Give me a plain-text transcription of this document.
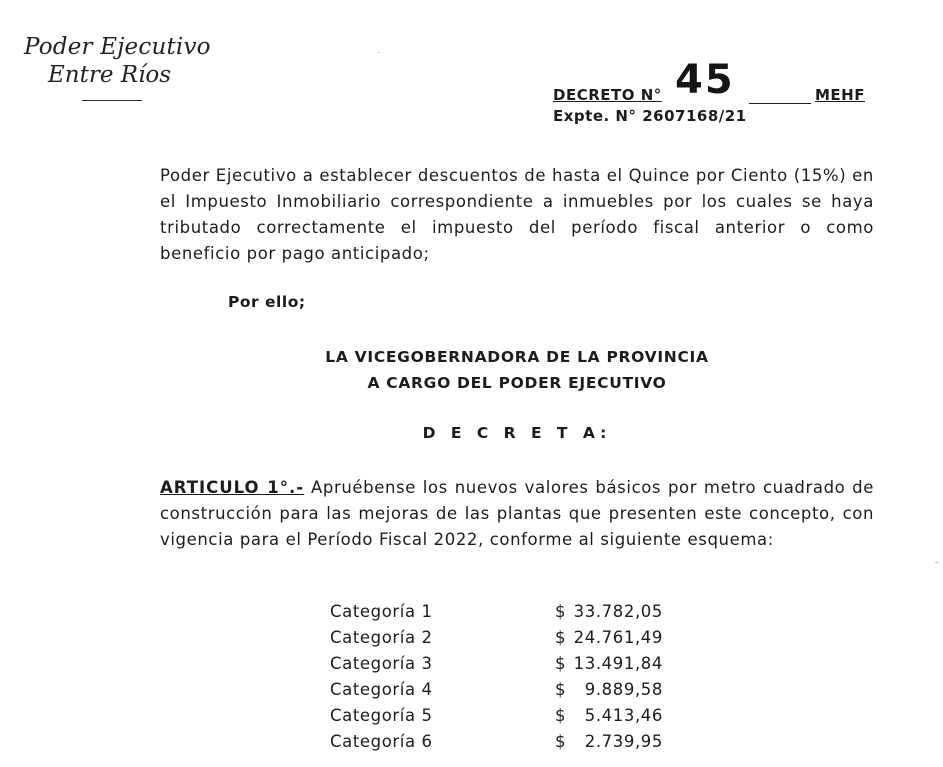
Poder Ejecutivo
Entre Ríos
DECRETO N° 45	MEHF
Expte. N° 2607168/21
Poder Ejecutivo a establecer descuentos de hasta el Quince por Ciento (15%) en el Impuesto Inmobiliario correspondiente a inmuebles por los cuales se haya tributado correctamente el impuesto del período fiscal anterior o como beneficio por pago anticipado;
Por ello;
LA VICEGOBERNADORA DE LA PROVINCIA
A CARGO DEL PODER EJECUTIVO
D E C R E T A:
ARTICULO 1°.- Apruébense los nuevos valores básicos por metro cuadrado de construcción para las mejoras de las plantas que presenten este concepto, con vigencia para el Período Fiscal 2022, conforme al siguiente esquema:
Categoría 1	$ 33.782,05
Categoría 2	$ 24.761,49
Categoría 3	$ 13.491,84
Categoría 4	$	9.889,58
Categoría 5	$	5.413,46
Categoría 6	$	2.739,95
